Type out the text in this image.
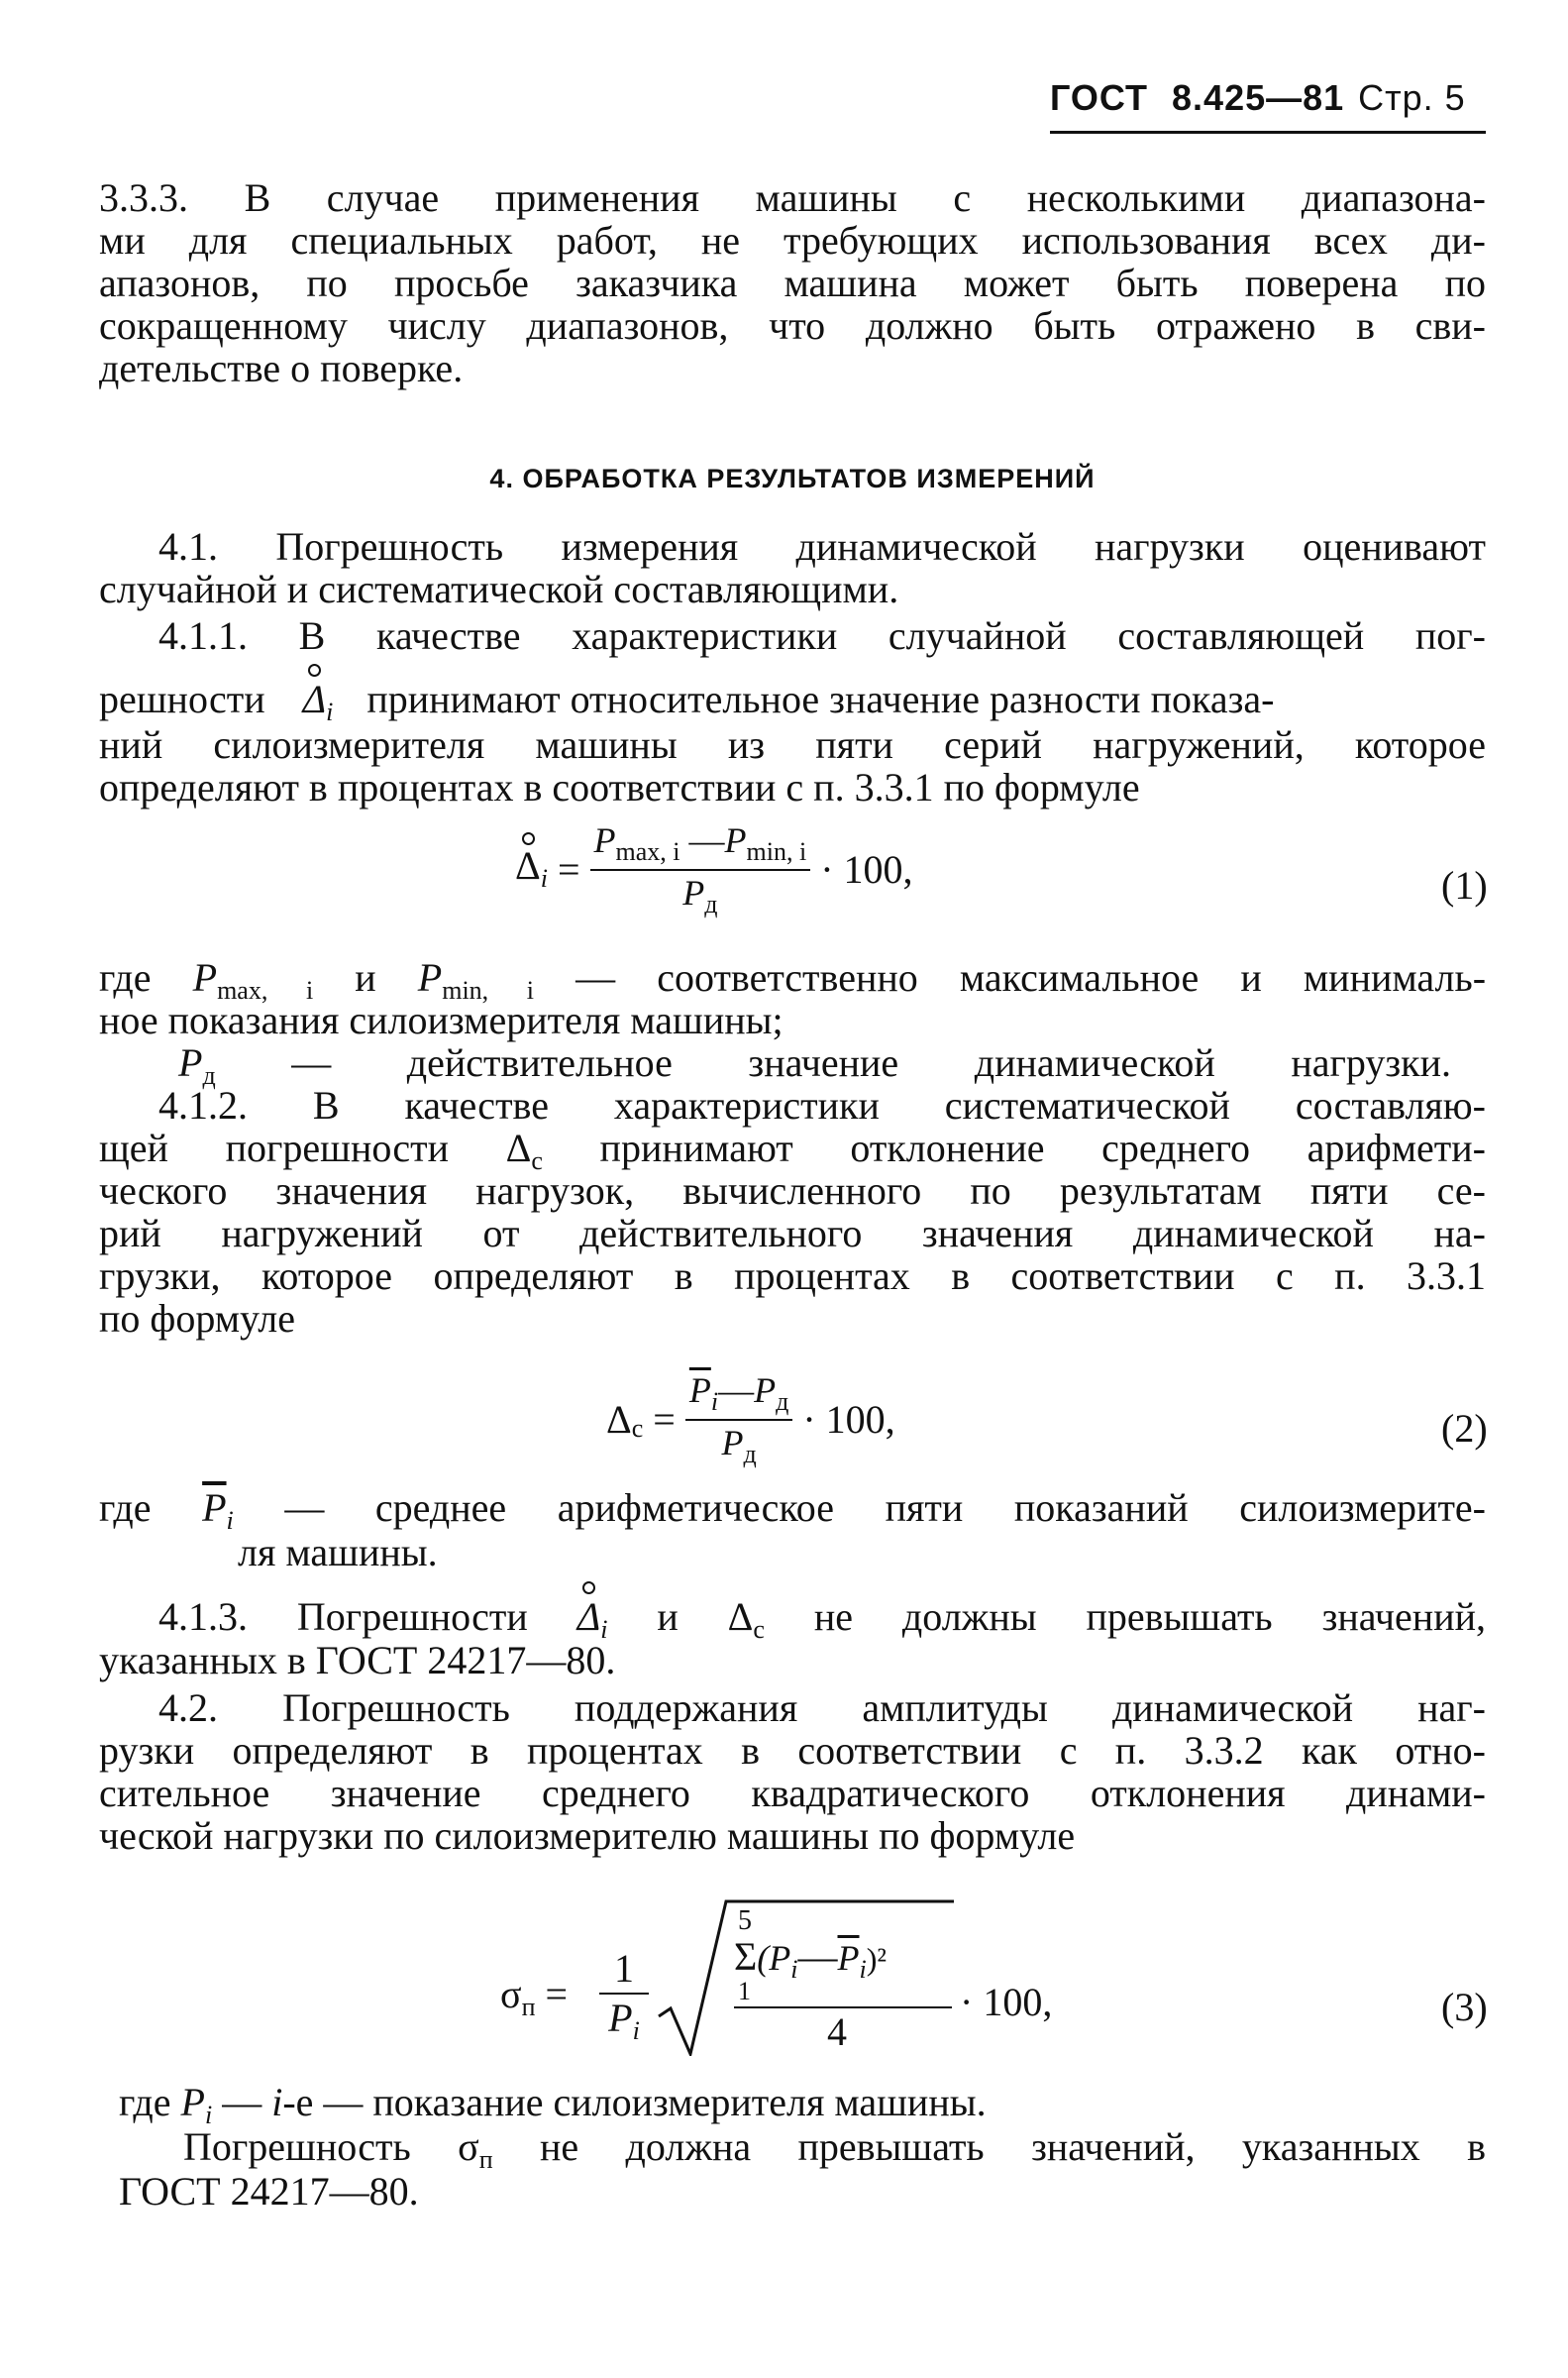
ГОСТ 8.425—81 Стр. 5
3.3.3. В случае применения машины с несколькими диапазона-
ми для специальных работ, не требующих использования всех ди-
апазонов, по просьбе заказчика машина может быть поверена по
сокращенному числу диапазонов, что должно быть отражено в сви-
детельстве о поверке.
4. ОБРАБОТКА РЕЗУЛЬТАТОВ ИЗМЕРЕНИЙ
4.1. Погрешность измерения динамической нагрузки оценивают
случайной и систематической составляющими.
4.1.1. В качестве характеристики случайной составляющей пог-
решности $\Delta_i$ принимают относительное значение разности показа-
ний силоизмерителя машины из пяти серий нагружений, которое
определяют в процентах в соответствии с п. 3.3.1 по формуле
$\Delta_i = \frac{P_{max, i} —P_{min, i}}{P_д} \cdot 100$,	(1)
где $P_{max, i}$ и $P_{min, i}$ — соответственно максимальное и минималь-
ное показания силоизмерителя машины;
$P_д$ — действительное значение динамической нагрузки.
4.1.2. В качестве характеристики систематической составляю-
щей погрешности $\Delta_c$ принимают отклонение среднего арифмети-
ческого значения нагрузок, вычисленного по результатам пяти се-
рий нагружений от действительного значения динамической на-
грузки, которое определяют в процентах в соответствии с п. 3.3.1
по формуле
$\Delta_c = \frac{\overline{P}_i—P_д}{P_д} \cdot 100$,	(2)
где $\overline{P}_i$ — среднее арифметическое пяти показаний силоизмерите-
ля машины.
4.1.3. Погрешности $\Delta_i$ и $\Delta_c$ не должны превышать значений,
указанных в ГОСТ 24217—80.
4.2. Погрешность поддержания амплитуды динамической наг-
рузки определяют в процентах в соответствии с п. 3.3.2 как отно-
сительное значение среднего квадратического отклонения динами-
ческой нагрузки по силоизмерителю машины по формуле
$\sigma_п = \frac{1}{P_i}$
5
$\Sigma(P_i—\overline{P}_i)^2$
1
4
· 100,	(3)
где $P_i$ — i-е — показание силоизмерителя машины.
Погрешность $\sigma_п$ не должна превышать значений, указанных в
ГОСТ 24217—80.
